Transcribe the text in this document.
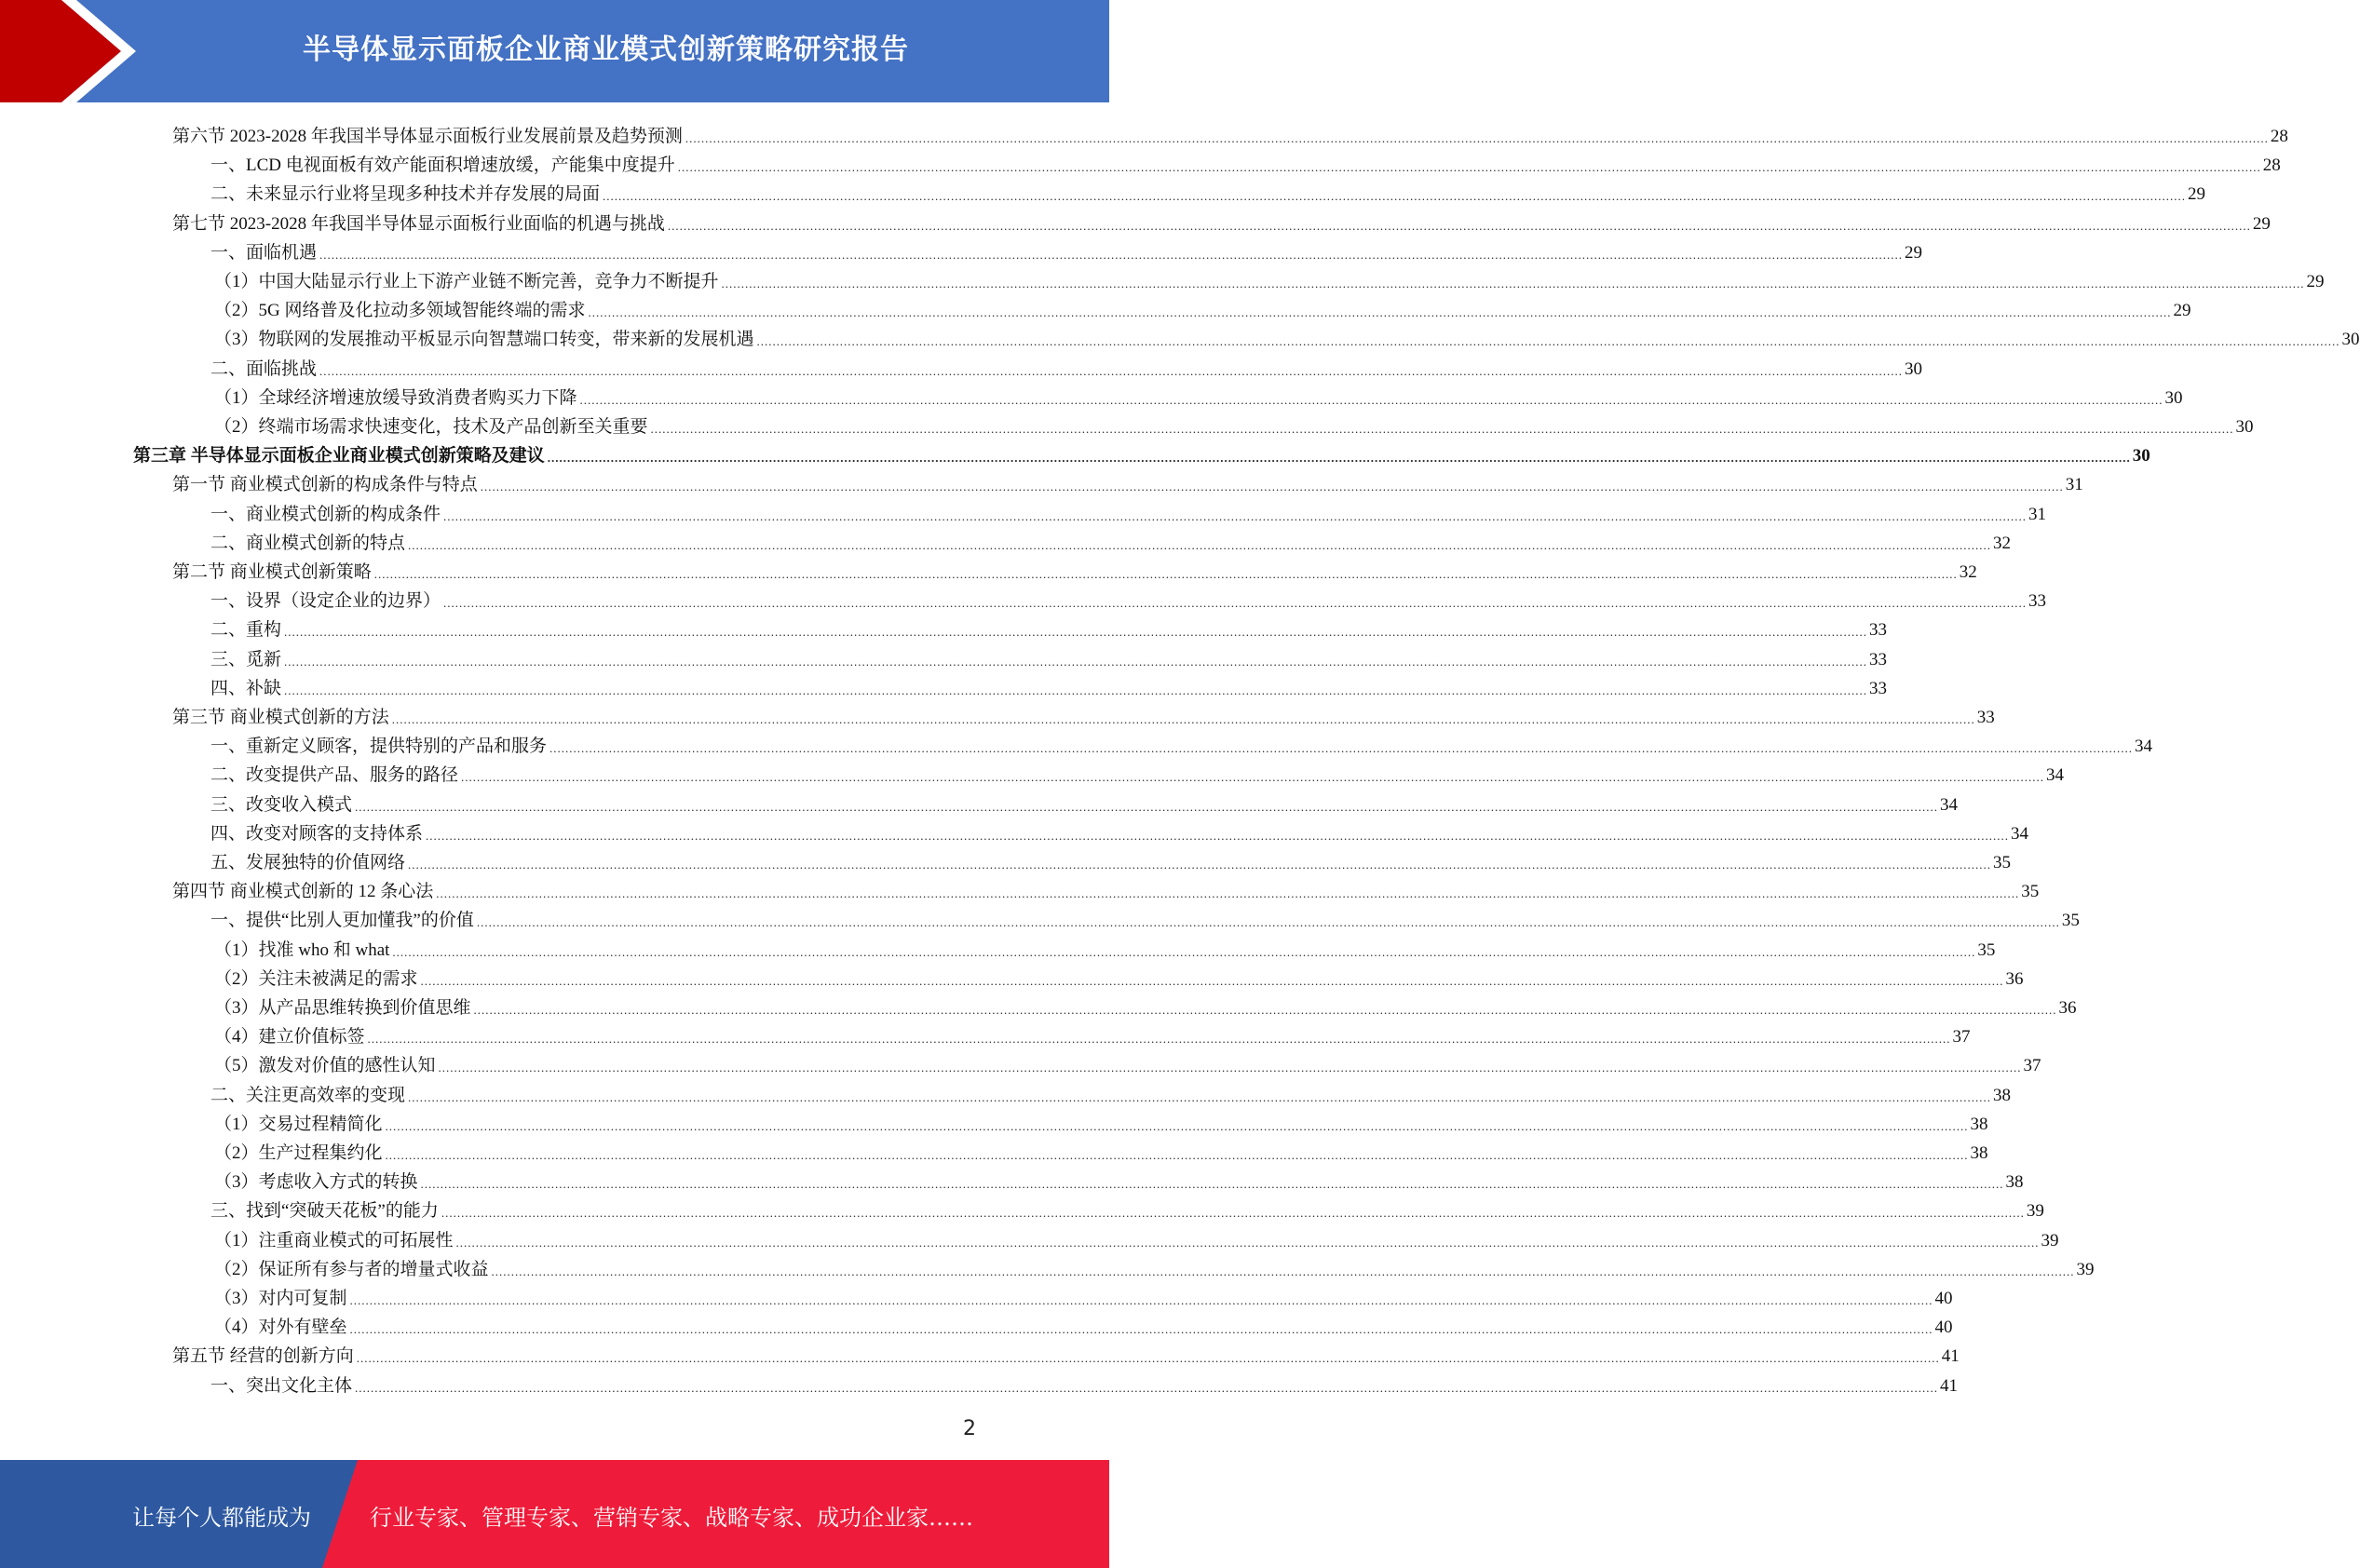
半导体显示面板企业商业模式创新策略研究报告
第六节 2023-2028 年我国半导体显示面板行业发展前景及趋势预测 ................................................................................................................................................................................................................................................................................................................................................................................................................ 28
一、LCD 电视面板有效产能面积增速放缓，产能集中度提升 ................................................................................................................................................................................................................................................................................................................................................................................................................ 28
二、未来显示行业将呈现多种技术并存发展的局面 ................................................................................................................................................................................................................................................................................................................................................................................................................ 29
第七节 2023-2028 年我国半导体显示面板行业面临的机遇与挑战 ................................................................................................................................................................................................................................................................................................................................................................................................................ 29
一、面临机遇 ................................................................................................................................................................................................................................................................................................................................................................................................................ 29
（1）中国大陆显示行业上下游产业链不断完善，竞争力不断提升 ................................................................................................................................................................................................................................................................................................................................................................................................................ 29
（2）5G 网络普及化拉动多领域智能终端的需求 ................................................................................................................................................................................................................................................................................................................................................................................................................ 29
（3）物联网的发展推动平板显示向智慧端口转变，带来新的发展机遇 ................................................................................................................................................................................................................................................................................................................................................................................................................ 30
二、面临挑战 ................................................................................................................................................................................................................................................................................................................................................................................................................ 30
（1）全球经济增速放缓导致消费者购买力下降 ................................................................................................................................................................................................................................................................................................................................................................................................................ 30
（2）终端市场需求快速变化，技术及产品创新至关重要 ................................................................................................................................................................................................................................................................................................................................................................................................................ 30
第三章 半导体显示面板企业商业模式创新策略及建议 ................................................................................................................................................................................................................................................................................................................................................................................................................ 30
第一节 商业模式创新的构成条件与特点 ................................................................................................................................................................................................................................................................................................................................................................................................................ 31
一、商业模式创新的构成条件 ................................................................................................................................................................................................................................................................................................................................................................................................................ 31
二、商业模式创新的特点 ................................................................................................................................................................................................................................................................................................................................................................................................................ 32
第二节 商业模式创新策略 ................................................................................................................................................................................................................................................................................................................................................................................................................ 32
一、设界（设定企业的边界） ................................................................................................................................................................................................................................................................................................................................................................................................................ 33
二、重构 ................................................................................................................................................................................................................................................................................................................................................................................................................ 33
三、觅新 ................................................................................................................................................................................................................................................................................................................................................................................................................ 33
四、补缺 ................................................................................................................................................................................................................................................................................................................................................................................................................ 33
第三节 商业模式创新的方法 ................................................................................................................................................................................................................................................................................................................................................................................................................ 33
一、重新定义顾客，提供特别的产品和服务 ................................................................................................................................................................................................................................................................................................................................................................................................................ 34
二、改变提供产品、服务的路径 ................................................................................................................................................................................................................................................................................................................................................................................................................ 34
三、改变收入模式 ................................................................................................................................................................................................................................................................................................................................................................................................................ 34
四、改变对顾客的支持体系 ................................................................................................................................................................................................................................................................................................................................................................................................................ 34
五、发展独特的价值网络 ................................................................................................................................................................................................................................................................................................................................................................................................................ 35
第四节 商业模式创新的 12 条心法 ................................................................................................................................................................................................................................................................................................................................................................................................................ 35
一、提供“比别人更加懂我”的价值 ................................................................................................................................................................................................................................................................................................................................................................................................................ 35
（1）找准 who 和 what ................................................................................................................................................................................................................................................................................................................................................................................................................ 35
（2）关注未被满足的需求 ................................................................................................................................................................................................................................................................................................................................................................................................................ 36
（3）从产品思维转换到价值思维 ................................................................................................................................................................................................................................................................................................................................................................................................................ 36
（4）建立价值标签 ................................................................................................................................................................................................................................................................................................................................................................................................................ 37
（5）激发对价值的感性认知 ................................................................................................................................................................................................................................................................................................................................................................................................................ 37
二、关注更高效率的变现 ................................................................................................................................................................................................................................................................................................................................................................................................................ 38
（1）交易过程精简化 ................................................................................................................................................................................................................................................................................................................................................................................................................ 38
（2）生产过程集约化 ................................................................................................................................................................................................................................................................................................................................................................................................................ 38
（3）考虑收入方式的转换 ................................................................................................................................................................................................................................................................................................................................................................................................................ 38
三、找到“突破天花板”的能力 ................................................................................................................................................................................................................................................................................................................................................................................................................ 39
（1）注重商业模式的可拓展性 ................................................................................................................................................................................................................................................................................................................................................................................................................ 39
（2）保证所有参与者的增量式收益 ................................................................................................................................................................................................................................................................................................................................................................................................................ 39
（3）对内可复制 ................................................................................................................................................................................................................................................................................................................................................................................................................ 40
（4）对外有壁垒 ................................................................................................................................................................................................................................................................................................................................................................................................................ 40
第五节 经营的创新方向 ................................................................................................................................................................................................................................................................................................................................................................................................................ 41
一、突出文化主体 ................................................................................................................................................................................................................................................................................................................................................................................................................ 41
2
让每个人都能成为	行业专家、管理专家、营销专家、战略专家、成功企业家……
